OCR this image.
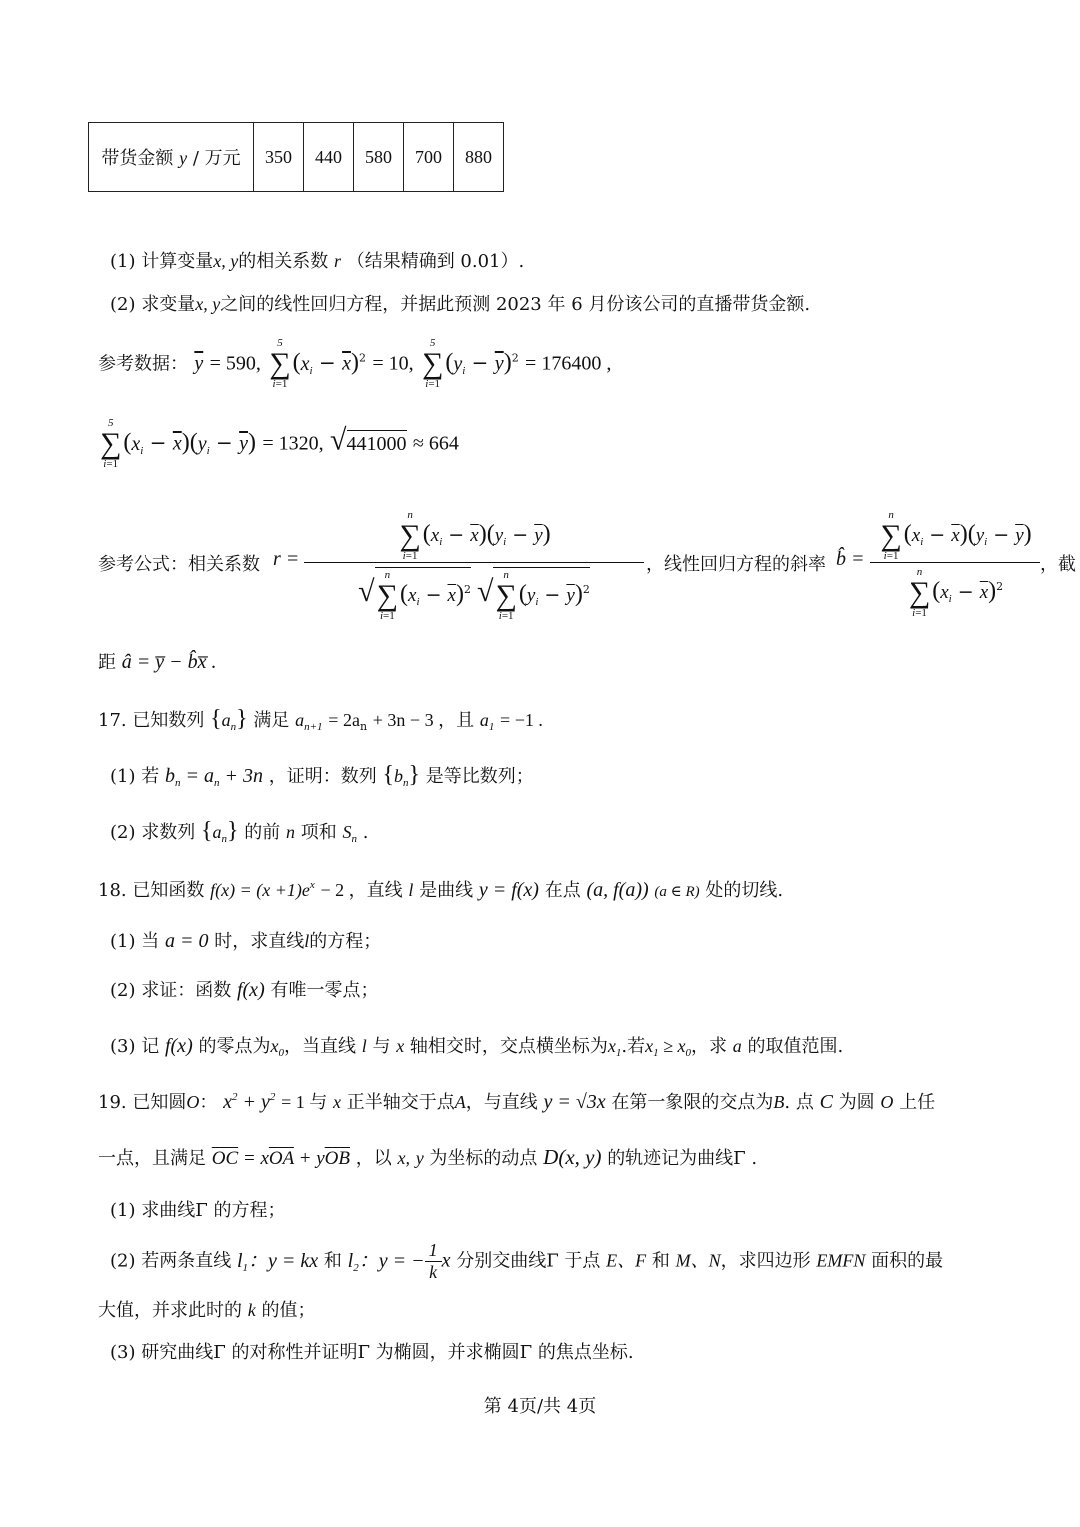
带货金额 y / 万元	350	440	580	700	880
(1) 计算变量x, y的相关系数 r （结果精确到 0.01）.
(2) 求变量x, y之间的线性回归方程，并据此预测 2023 年 6 月份该公司的直播带货金额.
参考数据： $\overline{y} = 590$,
5
∑
i=1
$(x_i - \overline{x})^2 = 10$,
5
∑
i=1
$(y_i - \overline{y})^2 = 176400$ ,
5
∑
i=1
$(x_i - \overline{x})(y_i - \overline{y}) = 1320$, √441000 ≈ 664
参考公式：相关系数 r =
n
∑
i=1
$(x_i - \overline{x})(y_i - \overline{y})$
√ n
∑
i=1
$(x_i - \overline{x})^2$ √ n
∑
i=1
$(y_i - \overline{y})^2$
，线性回归方程的斜率 b̂ =
n
∑
i=1
$(x_i - \overline{x})(y_i - \overline{y})$
n
∑
i=1
$(x_i - \overline{x})^2$
，截
距 â = y̅ − b̂x̅ .
17. 已知数列 $\{a_n\}$ 满足 $a_{n+1} = 2a_n + 3n - 3$ ，且 $a_1 = -1$ .
(1) 若 $b_n = a_n + 3n$ ，证明：数列 $\{b_n\}$ 是等比数列；
(2) 求数列 $\{a_n\}$ 的前 n 项和 $S_n$ .
18. 已知函数 $f(x) = (x +1)e^x - 2$ ，直线 l 是曲线 y = f(x) 在点 (a, f(a)) (a ∈ R) 处的切线.
(1) 当 a = 0 时，求直线l的方程；
(2) 求证：函数 f(x) 有唯一零点；
(3) 记 f(x) 的零点为$x_0$，当直线 l 与 x 轴相交时，交点横坐标为$x_1$.若$x_1 \ge x_0$，求 a 的取值范围.
19. 已知圆O： $x^2 + y^2 = 1$ 与 x 正半轴交于点A，与直线 y = √3x 在第一象限的交点为B. 点 C 为圆 O 上任
一点，且满足 $\overline{OC} = x\overline{OA} + y\overline{OB}$ ，以 x, y 为坐标的动点 D(x, y) 的轨迹记为曲线Γ .
(1) 求曲线Γ 的方程；
(2) 若两条直线 $l_1$：y = kx 和 $l_2$：y = − $\frac{1}{k}$ x 分别交曲线Γ 于点 E、F 和 M、N，求四边形 EMFN 面积的最
大值，并求此时的 k 的值；
(3) 研究曲线Γ 的对称性并证明Γ 为椭圆，并求椭圆Γ 的焦点坐标.
第 4页/共 4页
